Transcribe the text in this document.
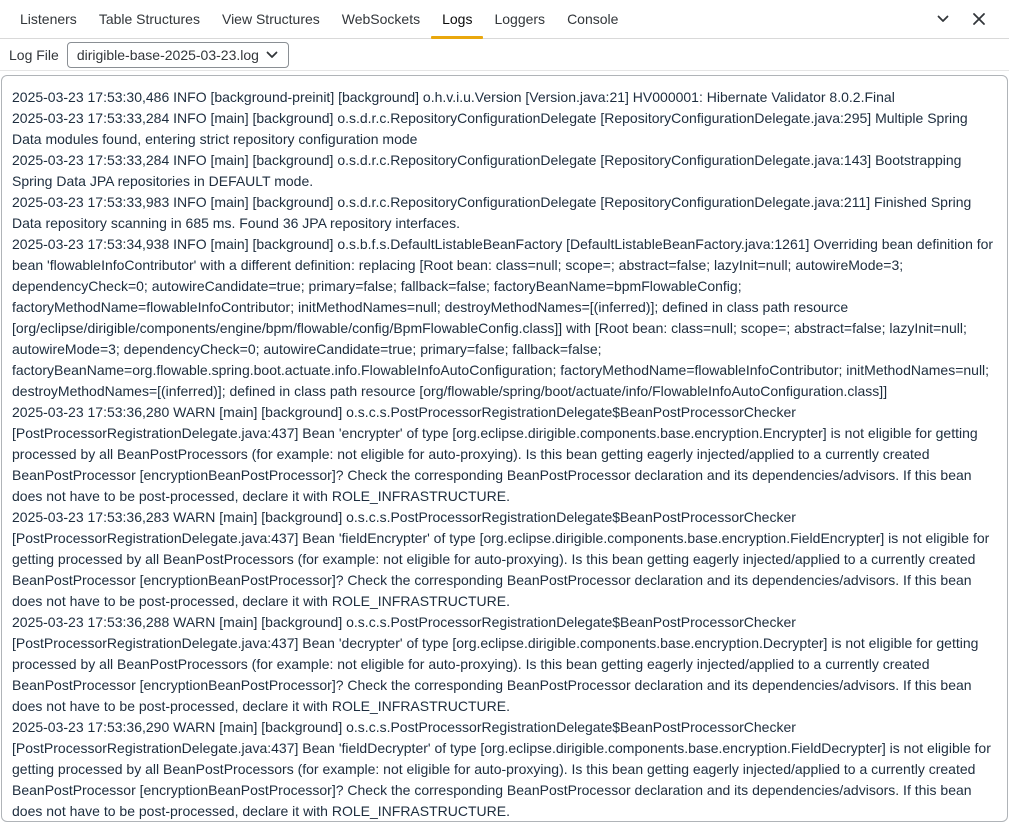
Listeners	Table Structures	View Structures	WebSockets	Logs	Loggers	Console
Log File dirigible-base-2025-03-23.log
2025-03-23 17:53:30,486 INFO [background-preinit] [background] o.h.v.i.u.Version [Version.java:21] HV000001: Hibernate Validator 8.0.2.Final
2025-03-23 17:53:33,284 INFO [main] [background] o.s.d.r.c.RepositoryConfigurationDelegate [RepositoryConfigurationDelegate.java:295] Multiple Spring Data modules found, entering strict repository configuration mode
2025-03-23 17:53:33,284 INFO [main] [background] o.s.d.r.c.RepositoryConfigurationDelegate [RepositoryConfigurationDelegate.java:143] Bootstrapping Spring Data JPA repositories in DEFAULT mode.
2025-03-23 17:53:33,983 INFO [main] [background] o.s.d.r.c.RepositoryConfigurationDelegate [RepositoryConfigurationDelegate.java:211] Finished Spring Data repository scanning in 685 ms. Found 36 JPA repository interfaces.
2025-03-23 17:53:34,938 INFO [main] [background] o.s.b.f.s.DefaultListableBeanFactory [DefaultListableBeanFactory.java:1261] Overriding bean definition for bean 'flowableInfoContributor' with a different definition: replacing [Root bean: class=null; scope=; abstract=false; lazyInit=null; autowireMode=3; dependencyCheck=0; autowireCandidate=true; primary=false; fallback=false; factoryBeanName=bpmFlowableConfig; factoryMethodName=flowableInfoContributor; initMethodNames=null; destroyMethodNames=[(inferred)]; defined in class path resource [org/eclipse/dirigible/components/engine/bpm/flowable/config/BpmFlowableConfig.class]] with [Root bean: class=null; scope=; abstract=false; lazyInit=null; autowireMode=3; dependencyCheck=0; autowireCandidate=true; primary=false; fallback=false; factoryBeanName=org.flowable.spring.boot.actuate.info.FlowableInfoAutoConfiguration; factoryMethodName=flowableInfoContributor; initMethodNames=null; destroyMethodNames=[(inferred)]; defined in class path resource [org/flowable/spring/boot/actuate/info/FlowableInfoAutoConfiguration.class]]
2025-03-23 17:53:36,280 WARN [main] [background] o.s.c.s.PostProcessorRegistrationDelegate$BeanPostProcessorChecker [PostProcessorRegistrationDelegate.java:437] Bean 'encrypter' of type [org.eclipse.dirigible.components.base.encryption.Encrypter] is not eligible for getting processed by all BeanPostProcessors (for example: not eligible for auto-proxying). Is this bean getting eagerly injected/applied to a currently created BeanPostProcessor [encryptionBeanPostProcessor]? Check the corresponding BeanPostProcessor declaration and its dependencies/advisors. If this bean does not have to be post-processed, declare it with ROLE_INFRASTRUCTURE.
2025-03-23 17:53:36,283 WARN [main] [background] o.s.c.s.PostProcessorRegistrationDelegate$BeanPostProcessorChecker [PostProcessorRegistrationDelegate.java:437] Bean 'fieldEncrypter' of type [org.eclipse.dirigible.components.base.encryption.FieldEncrypter] is not eligible for getting processed by all BeanPostProcessors (for example: not eligible for auto-proxying). Is this bean getting eagerly injected/applied to a currently created BeanPostProcessor [encryptionBeanPostProcessor]? Check the corresponding BeanPostProcessor declaration and its dependencies/advisors. If this bean does not have to be post-processed, declare it with ROLE_INFRASTRUCTURE.
2025-03-23 17:53:36,288 WARN [main] [background] o.s.c.s.PostProcessorRegistrationDelegate$BeanPostProcessorChecker [PostProcessorRegistrationDelegate.java:437] Bean 'decrypter' of type [org.eclipse.dirigible.components.base.encryption.Decrypter] is not eligible for getting processed by all BeanPostProcessors (for example: not eligible for auto-proxying). Is this bean getting eagerly injected/applied to a currently created BeanPostProcessor [encryptionBeanPostProcessor]? Check the corresponding BeanPostProcessor declaration and its dependencies/advisors. If this bean does not have to be post-processed, declare it with ROLE_INFRASTRUCTURE.
2025-03-23 17:53:36,290 WARN [main] [background] o.s.c.s.PostProcessorRegistrationDelegate$BeanPostProcessorChecker [PostProcessorRegistrationDelegate.java:437] Bean 'fieldDecrypter' of type [org.eclipse.dirigible.components.base.encryption.FieldDecrypter] is not eligible for getting processed by all BeanPostProcessors (for example: not eligible for auto-proxying). Is this bean getting eagerly injected/applied to a currently created BeanPostProcessor [encryptionBeanPostProcessor]? Check the corresponding BeanPostProcessor declaration and its dependencies/advisors. If this bean does not have to be post-processed, declare it with ROLE_INFRASTRUCTURE.
